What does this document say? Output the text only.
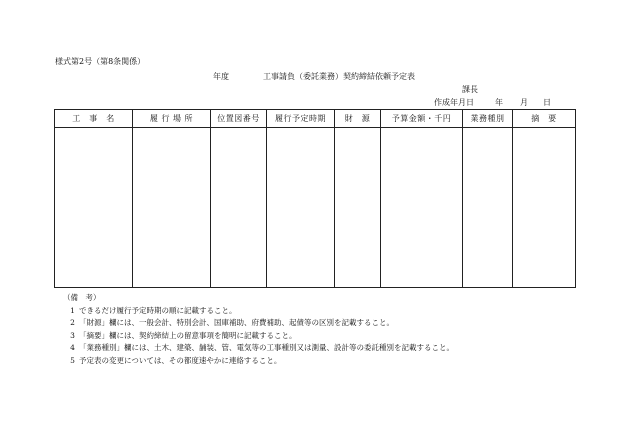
様式第2号（第8条関係）
年度	工事請負（委託業務）契約締結依頼予定表
課長
作成年月日	年 月 日
工　事　名	履 行 場 所	位置図番号	履行予定時期	財　源	予算金額・千円	業務種別	摘　要

（備　考）
1 できるだけ履行予定時期の順に記載すること。
2 「財源」欄には、一般会計、特別会計、国庫補助、府費補助、起債等の区別を記載すること。
3 「摘要」欄には、契約締結上の留意事項を簡明に記載すること。
4 「業務種別」欄には、土木、建築、舗装、管、電気等の工事種別又は測量、設計等の委託種別を記載すること。
5 予定表の変更については、その都度速やかに連絡すること。
